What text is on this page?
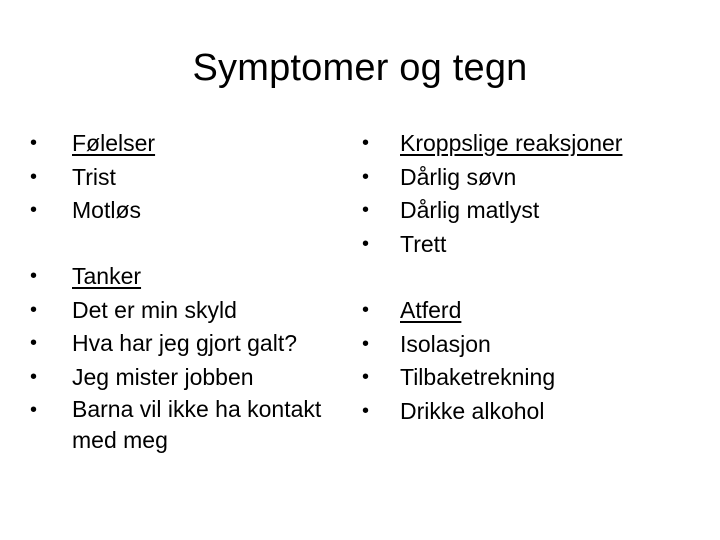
Symptomer og tegn
• Følelser
• Trist
• Motløs
• Tanker
• Det er min skyld
• Hva har jeg gjort galt?
• Jeg mister jobben
• Barna vil ikke ha kontakt med meg
• Kroppslige reaksjoner
• Dårlig søvn
• Dårlig matlyst
• Trett
• Atferd
• Isolasjon
• Tilbaketrekning
• Drikke alkohol
